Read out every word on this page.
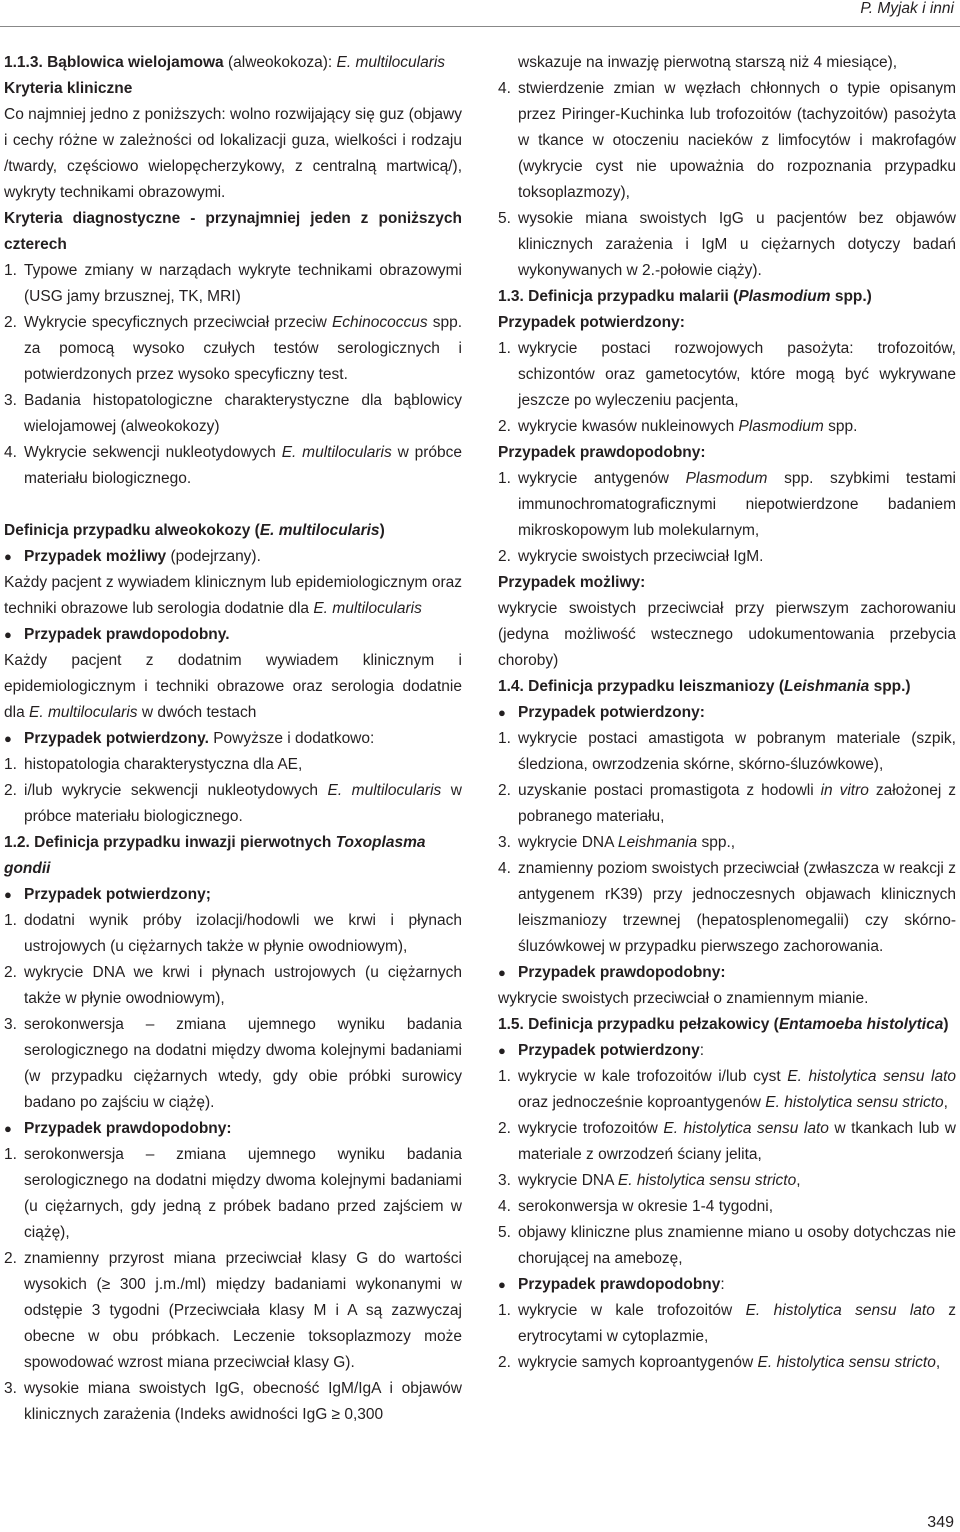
P. Myjak i inni

1.1.3. Bąblowica wielojamowa (alweokokoza): E. multilocularis

Kryteria kliniczne

Co najmniej jedno z poniższych: wolno rozwijający się guz (objawy i cechy różne w zależności od lokalizacji guza, wielkości i rodzaju /twardy, częściowo wielopęcherzykowy, z centralną martwicą/), wykryty technikami obrazowymi.

Kryteria diagnostyczne - przynajmniej jeden z poniższych czterech

1. Typowe zmiany w narządach wykryte technikami obrazowymi (USG jamy brzusznej, TK, MRI)
2. Wykrycie specyficznych przeciwciał przeciw Echinococcus spp. za pomocą wysoko czułych testów serologicznych i potwierdzonych przez wysoko specyficzny test.
3. Badania histopatologiczne charakterystyczne dla bąblowicy wielojamowej (alweokokozy)
4. Wykrycie sekwencji nukleotydowych E. multilocularis w próbce materiału biologicznego.

Definicja przypadku alweokokozy (E. multilocularis)

● Przypadek możliwy (podejrzany).

Każdy pacjent z wywiadem klinicznym lub epidemiologicznym oraz techniki obrazowe lub serologia dodatnie dla E. multilocularis

● Przypadek prawdopodobny.

Każdy pacjent z dodatnim wywiadem klinicznym i epidemiologicznym i techniki obrazowe oraz serologia dodatnie dla E. multilocularis w dwóch testach

● Przypadek potwierdzony. Powyższe i dodatkowo:
1. histopatologia charakterystyczna dla AE,
2. i/lub wykrycie sekwencji nukleotydowych E. multilocularis w próbce materiału biologicznego.

1.2. Definicja przypadku inwazji pierwotnych Toxoplasma gondii

● Przypadek potwierdzony;
1. dodatni wynik próby izolacji/hodowli we krwi i płynach ustrojowych (u ciężarnych także w płynie owodniowym),
2. wykrycie DNA we krwi i płynach ustrojowych (u ciężarnych także w płynie owodniowym),
3. serokonwersja – zmiana ujemnego wyniku badania serologicznego na dodatni między dwoma kolejnymi badaniami (w przypadku ciężarnych wtedy, gdy obie próbki surowicy badano po zajściu w ciążę).
● Przypadek prawdopodobny:
1. serokonwersja – zmiana ujemnego wyniku badania serologicznego na dodatni między dwoma kolejnymi badaniami (u ciężarnych, gdy jedną z próbek badano przed zajściem w ciążę),
2. znamienny przyrost miana przeciwciał klasy G do wartości wysokich (≥ 300 j.m./ml) między badaniami wykonanymi w odstępie 3 tygodni (Przeciwciała klasy M i A są zazwyczaj obecne w obu próbkach. Leczenie toksoplazmozy może spowodować wzrost miana przeciwciał klasy G).
3. wysokie miana swoistych IgG, obecność IgM/IgA i objawów klinicznych zarażenia (Indeks awidności IgG ≥ 0,300
wskazuje na inwazję pierwotną starszą niż 4 miesiące),
4. stwierdzenie zmian w węzłach chłonnych o typie opisanym przez Piringer-Kuchinka lub trofozoitów (tachyzoitów) pasożyta w tkance w otoczeniu nacieków z limfocytów i makrofagów (wykrycie cyst nie upoważnia do rozpoznania przypadku toksoplazmozy),
5. wysokie miana swoistych IgG u pacjentów bez objawów klinicznych zarażenia i IgM u ciężarnych dotyczy badań wykonywanych w 2.-połowie ciąży).

1.3. Definicja przypadku malarii (Plasmodium spp.)

Przypadek potwierdzony:

1. wykrycie postaci rozwojowych pasożyta: trofozoitów, schizontów oraz gametocytów, które mogą być wykrywane jeszcze po wyleczeniu pacjenta,
2. wykrycie kwasów nukleinowych Plasmodium spp.

Przypadek prawdopodobny:

1. wykrycie antygenów Plasmodum spp. szybkimi testami immunochromatograficznymi niepotwierdzone badaniem mikroskopowym lub molekularnym,
2. wykrycie swoistych przeciwciał IgM.

Przypadek możliwy:

wykrycie swoistych przeciwciał przy pierwszym zachorowaniu (jedyna możliwość wstecznego udokumentowania przebycia choroby)

1.4. Definicja przypadku leiszmaniozy (Leishmania spp.)

● Przypadek potwierdzony:
1. wykrycie postaci amastigota w pobranym materiale (szpik, śledziona, owrzodzenia skórne, skórno-śluzówkowe),
2. uzyskanie postaci promastigota z hodowli in vitro założonej z pobranego materiału,
3. wykrycie DNA Leishmania spp.,
4. znamienny poziom swoistych przeciwciał (zwłaszcza w reakcji z antygenem rK39) przy jednoczesnych objawach klinicznych leiszmaniozy trzewnej (hepatosplenomegalii) czy skórno-śluzówkowej w przypadku pierwszego zachorowania.
● Przypadek prawdopodobny:

wykrycie swoistych przeciwciał o znamiennym mianie.

1.5. Definicja przypadku pełzakowicy (Entamoeba histolytica)

● Przypadek potwierdzony:
1. wykrycie w kale trofozoitów i/lub cyst E. histolytica sensu lato oraz jednocześnie koproantygenów E. histolytica sensu stricto,
2. wykrycie trofozoitów E. histolytica sensu lato w tkankach lub w materiale z owrzodzeń ściany jelita,
3. wykrycie DNA E. histolytica sensu stricto,
4. serokonwersja w okresie 1-4 tygodni,
5. objawy kliniczne plus znamienne miano u osoby dotychczas nie chorującej na amebozę,
● Przypadek prawdopodobny:
1. wykrycie w kale trofozoitów E. histolytica sensu lato z erytrocytami w cytoplazmie,
2. wykrycie samych koproantygenów E. histolytica sensu stricto,
349
